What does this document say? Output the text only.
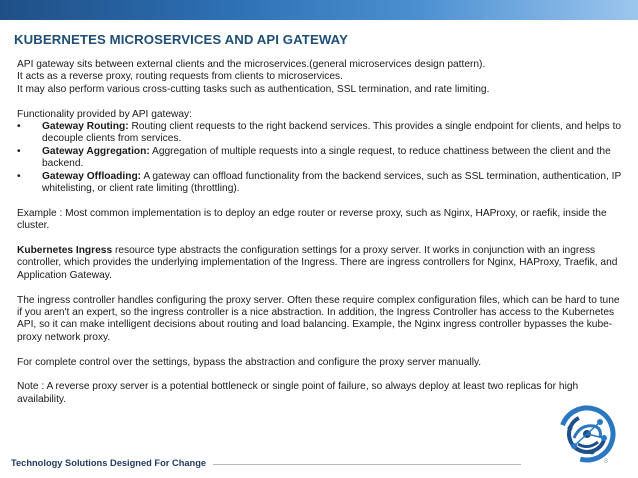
KUBERNETES MICROSERVICES AND API GATEWAY

API gateway sits between external clients and the microservices.(general microservices design pattern).
It acts as a reverse proxy, routing requests from clients to microservices.
It may also perform various cross-cutting tasks such as authentication, SSL termination, and rate limiting.

Functionality provided by API gateway:
• Gateway Routing: Routing client requests to the right backend services. This provides a single endpoint for clients, and helps to decouple clients from services.
• Gateway Aggregation: Aggregation of multiple requests into a single request, to reduce chattiness between the client and the backend.
• Gateway Offloading: A gateway can offload functionality from the backend services, such as SSL termination, authentication, IP whitelisting, or client rate limiting (throttling).

Example : Most common implementation is to deploy an edge router or reverse proxy, such as Nginx, HAProxy, or raefik, inside the cluster.

Kubernetes Ingress resource type abstracts the configuration settings for a proxy server. It works in conjunction with an ingress controller, which provides the underlying implementation of the Ingress. There are ingress controllers for Nginx, HAProxy, Traefik, and Application Gateway.

The ingress controller handles configuring the proxy server. Often these require complex configuration files, which can be hard to tune if you aren't an expert, so the ingress controller is a nice abstraction. In addition, the Ingress Controller has access to the Kubernetes API, so it can make intelligent decisions about routing and load balancing. Example, the Nginx ingress controller bypasses the kube-proxy network proxy.

For complete control over the settings, bypass the abstraction and configure the proxy server manually.

Note : A reverse proxy server is a potential bottleneck or single point of failure, so always deploy at least two replicas for high availability.

Technology Solutions Designed For Change	8
